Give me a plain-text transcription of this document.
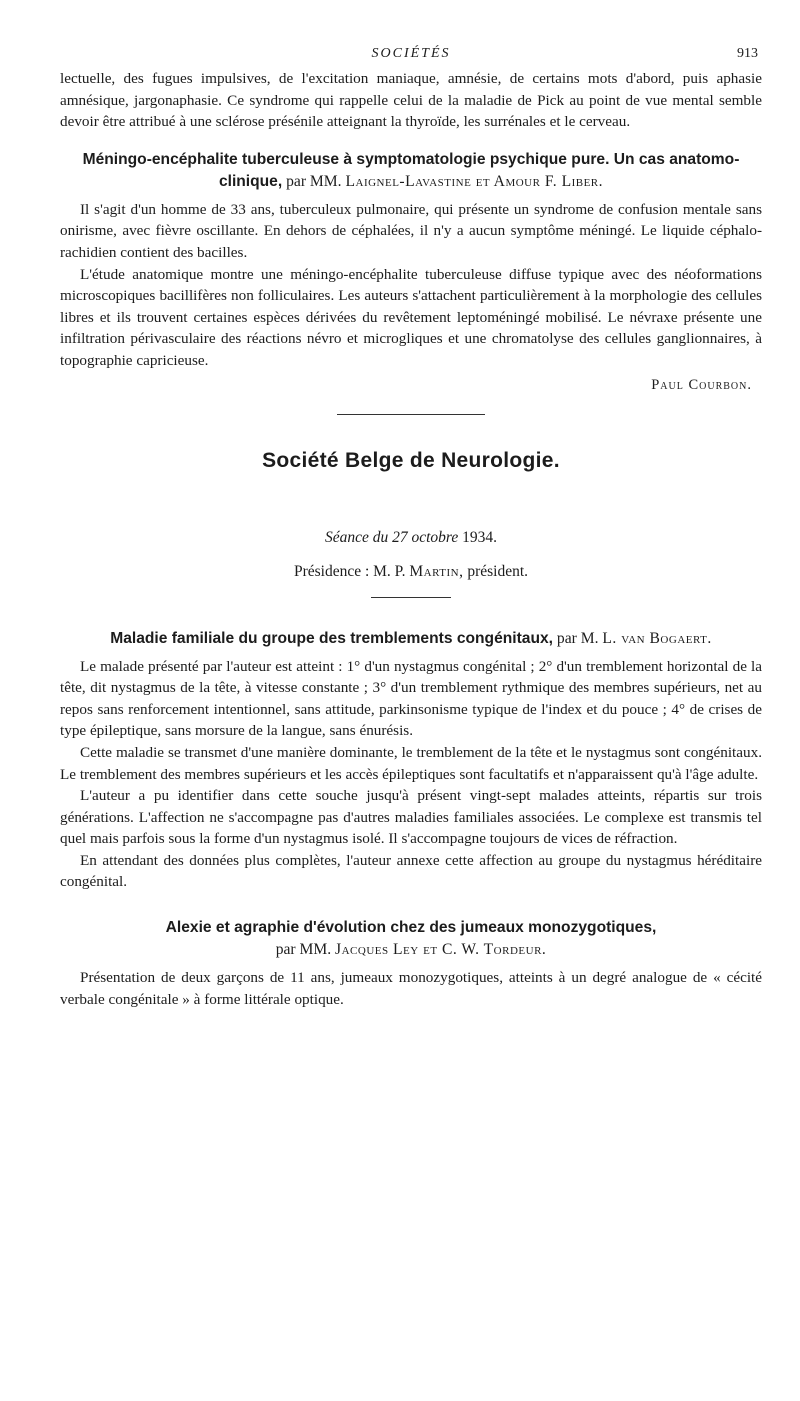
SOCIÉTÉS	913

lectuelle, des fugues impulsives, de l'excitation maniaque, amnésie, de certains mots d'abord, puis aphasie amnésique, jargonaphasie. Ce syndrome qui rappelle celui de la maladie de Pick au point de vue mental semble devoir être attribué à une sclérose présénile atteignant la thyroïde, les surrénales et le cerveau.

Méningo-encéphalite tuberculeuse à symptomatologie psychique pure. Un cas anatomo-clinique, par MM. Laignel-Lavastine et Amour F. Liber.

Il s'agit d'un homme de 33 ans, tuberculeux pulmonaire, qui présente un syndrome de confusion mentale sans onirisme, avec fièvre oscillante. En dehors de céphalées, il n'y a aucun symptôme méningé. Le liquide céphalo-rachidien contient des bacilles.

L'étude anatomique montre une méningo-encéphalite tuberculeuse diffuse typique avec des néoformations microscopiques bacillifères non folliculaires. Les auteurs s'attachent particulièrement à la morphologie des cellules libres et ils trouvent certaines espèces dérivées du revêtement leptoméningé mobilisé. Le névraxe présente une infiltration périvasculaire des réactions névro et microgliques et une chromatolyse des cellules ganglionnaires, à topographie capricieuse.

Paul Courbon.
Société Belge de Neurologie.
Séance du 27 octobre 1934.
Présidence : M. P. Martin, président.
Maladie familiale du groupe des tremblements congénitaux, par M. L. van Bogaert.

Le malade présenté par l'auteur est atteint : 1° d'un nystagmus congénital ; 2° d'un tremblement horizontal de la tête, dit nystagmus de la tête, à vitesse constante ; 3° d'un tremblement rythmique des membres supérieurs, net au repos sans renforcement intentionnel, sans attitude, parkinsonisme typique de l'index et du pouce ; 4° de crises de type épileptique, sans morsure de la langue, sans énurésis.

Cette maladie se transmet d'une manière dominante, le tremblement de la tête et le nystagmus sont congénitaux. Le tremblement des membres supérieurs et les accès épileptiques sont facultatifs et n'apparaissent qu'à l'âge adulte.

L'auteur a pu identifier dans cette souche jusqu'à présent vingt-sept malades atteints, répartis sur trois générations. L'affection ne s'accompagne pas d'autres maladies familiales associées. Le complexe est transmis tel quel mais parfois sous la forme d'un nystagmus isolé. Il s'accompagne toujours de vices de réfraction.

En attendant des données plus complètes, l'auteur annexe cette affection au groupe du nystagmus héréditaire congénital.

Alexie et agraphie d'évolution chez des jumeaux monozygotiques,
par MM. Jacques Ley et C. W. Tordeur.

Présentation de deux garçons de 11 ans, jumeaux monozygotiques, atteints à un degré analogue de « cécité verbale congénitale » à forme littérale optique.
